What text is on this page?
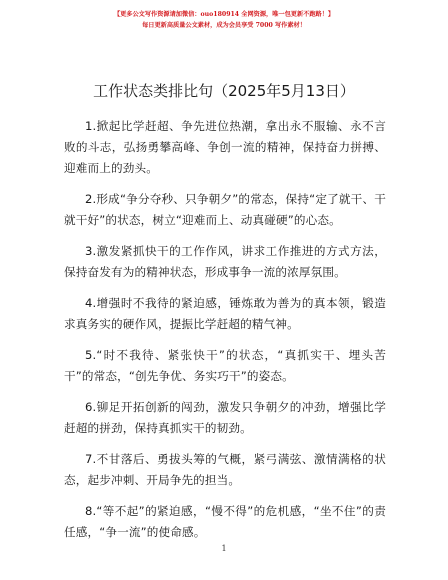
【更多公文写作资源请加微信：ouo180914 全网资源，唯一包更新不跑路！】
每日更新高质量公文素材，成为会员享受 7000 写作素材！
工作状态类排比句（2025年5月13日）

1.掀起比学赶超、争先进位热潮，拿出永不服输、永不言败的斗志，弘扬勇攀高峰、争创一流的精神，保持奋力拼搏、迎难而上的劲头。

2.形成“争分夺秒、只争朝夕”的常态，保持“定了就干、干就干好”的状态，树立“迎难而上、动真碰硬”的心态。

3.激发紧抓快干的工作作风，讲求工作推进的方式方法，保持奋发有为的精神状态，形成事争一流的浓厚氛围。

4.增强时不我待的紧迫感，锤炼敢为善为的真本领，锻造求真务实的硬作风，提振比学赶超的精气神。

5.“时不我待、紧张快干”的状态，“真抓实干、埋头苦干”的常态，“创先争优、务实巧干”的姿态。

6.铆足开拓创新的闯劲，激发只争朝夕的冲劲，增强比学赶超的拼劲，保持真抓实干的韧劲。

7.不甘落后、勇拔头筹的气概，紧弓满弦、激情满格的状态，起步冲刺、开局争先的担当。

8.“等不起”的紧迫感，“慢不得”的危机感，“坐不住”的责任感，“争一流”的使命感。

1
